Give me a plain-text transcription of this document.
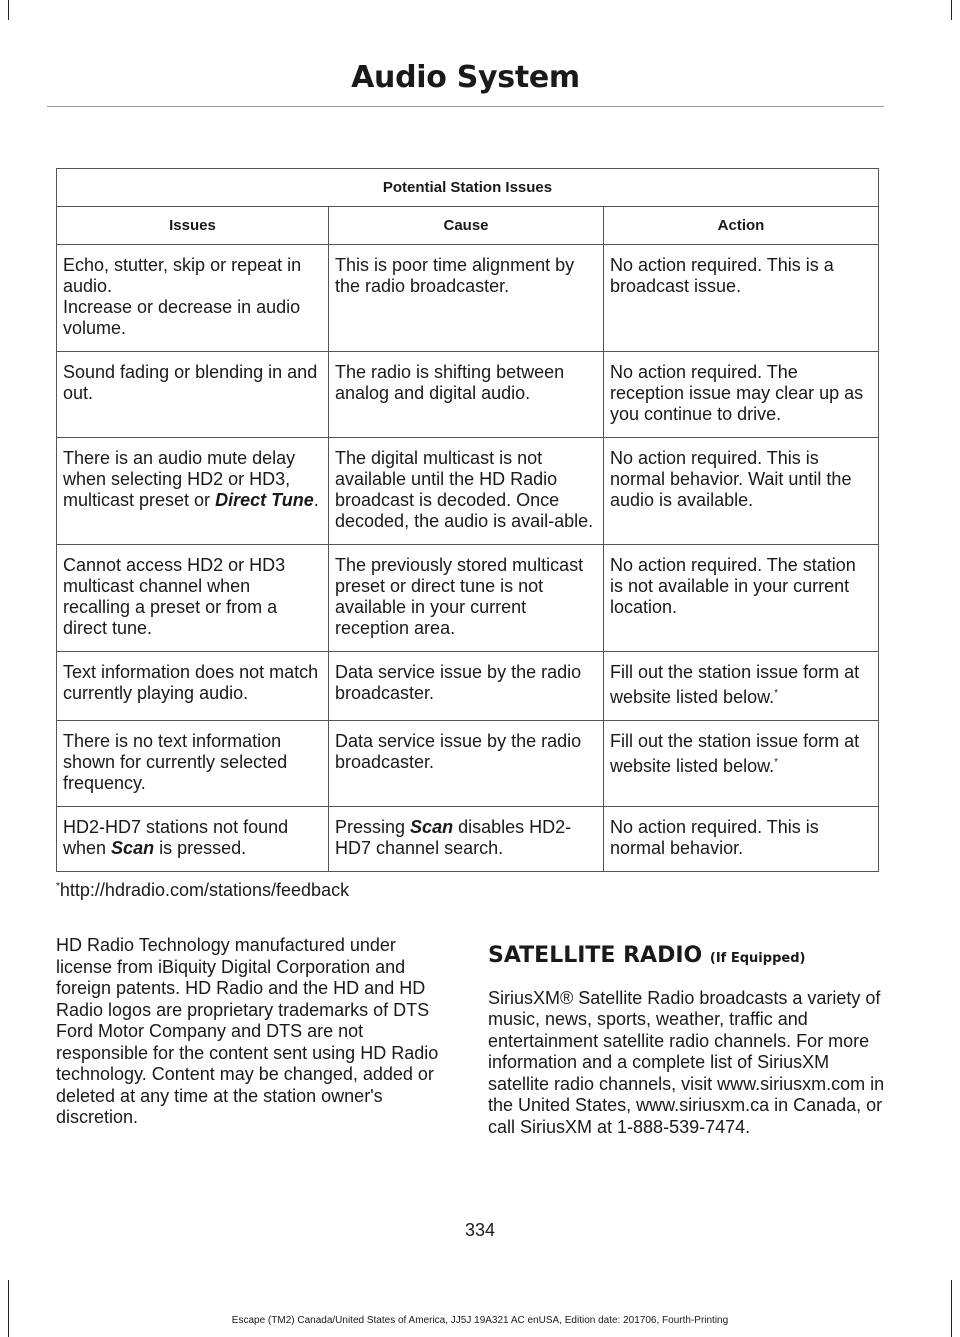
Audio System
Potential Station Issues		
Issues	Cause	Action

Echo, stutter, skip or repeat in audio.
Increase or decrease in audio volume.	This is poor time alignment by the radio broadcaster.	No action required. This is a broadcast issue.

Sound fading or blending in and out.	The radio is shifting between analog and digital audio.	No action required. The reception issue may clear up as you continue to drive.

There is an audio mute delay when selecting HD2 or HD3, multicast preset or Direct Tune.	The digital multicast is not available until the HD Radio broadcast is decoded. Once decoded, the audio is avail-able.	No action required. This is normal behavior. Wait until the audio is available.

Cannot access HD2 or HD3 multicast channel when recalling a preset or from a direct tune.	The previously stored multicast preset or direct tune is not available in your current reception area.	No action required. The station is not available in your current location.

Text information does not match currently playing audio.	Data service issue by the radio broadcaster.	Fill out the station issue form at website listed below.*

There is no text information shown for currently selected frequency.	Data service issue by the radio broadcaster.	Fill out the station issue form at website listed below.*
HD2-HD7 stations not found when Scan is pressed.	Pressing Scan disables HD2-HD7 channel search.	No action required. This is normal behavior.
*http://hdradio.com/stations/feedback
HD Radio Technology manufactured under license from iBiquity Digital Corporation and foreign patents. HD Radio and the HD and HD Radio logos are proprietary trademarks of DTS Ford Motor Company and DTS are not responsible for the content sent using HD Radio technology. Content may be changed, added or deleted at any time at the station owner's discretion.
SATELLITE RADIO (If Equipped)
SiriusXM® Satellite Radio broadcasts a variety of music, news, sports, weather, traffic and entertainment satellite radio channels. For more information and a complete list of SiriusXM satellite radio channels, visit www.siriusxm.com in the United States, www.siriusxm.ca in Canada, or call SiriusXM at 1-888-539-7474.
334
Escape (TM2) Canada/United States of America, JJ5J 19A321 AC enUSA, Edition date: 201706, Fourth-Printing
